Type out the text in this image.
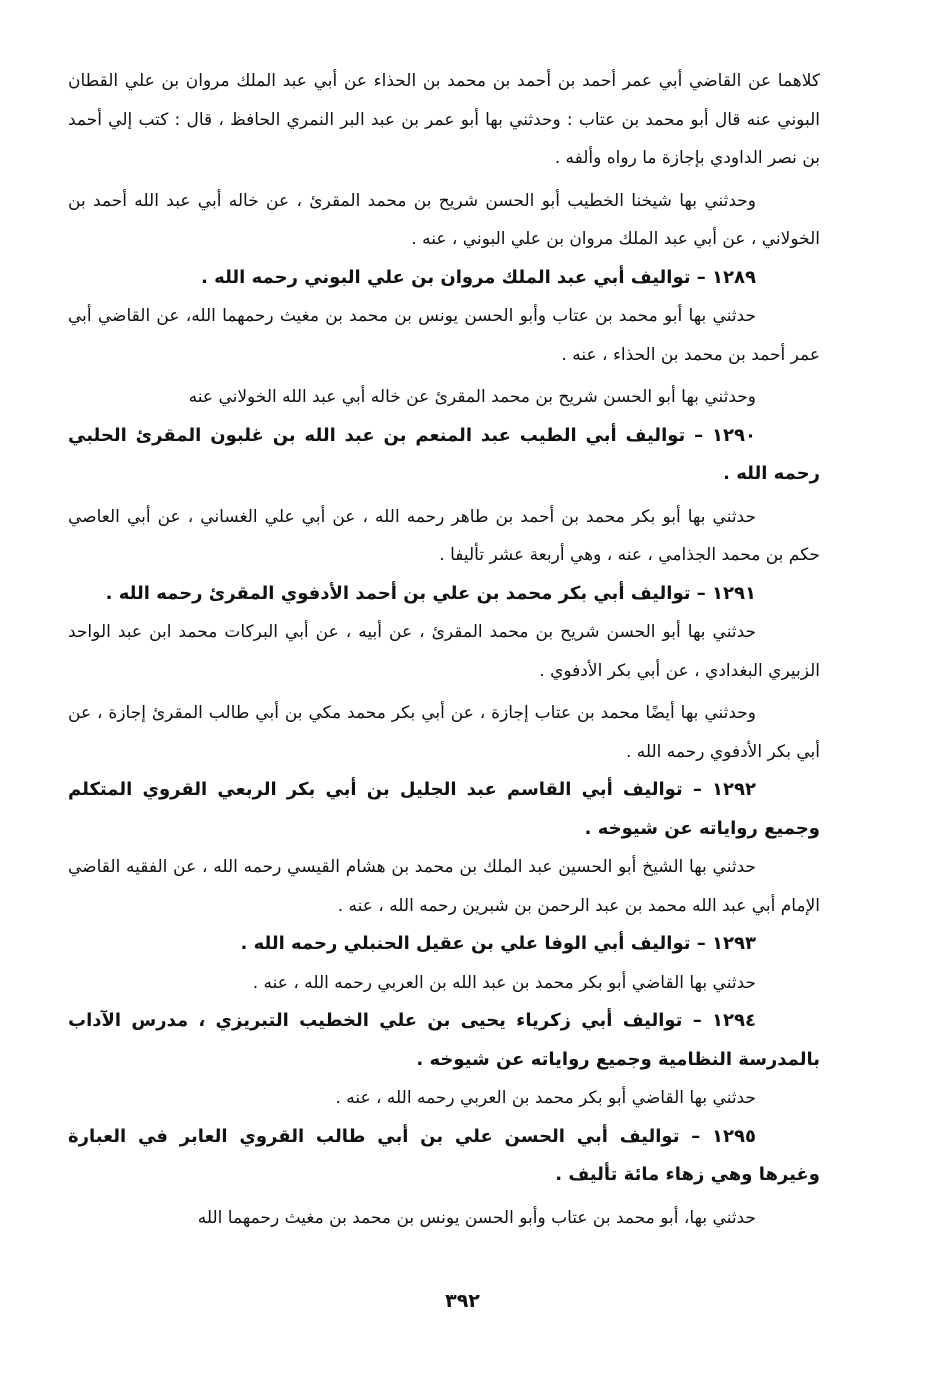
كلاهما عن القاضي أبي عمر أحمد بن أحمد بن محمد بن الحذاء عن أبي عبد الملك مروان بن علي القطان البوني عنه قال أبو محمد بن عتاب : وحدثني بها أبو عمر بن عبد البر النمري الحافظ ، قال : كتب إلي أحمد بن نصر الداودي بإجازة ما رواه وألفه .

وحدثني بها شيخنا الخطيب أبو الحسن شريح بن محمد المقرئ ، عن خاله أبي عبد الله أحمد بن الخولاني ، عن أبي عبد الملك مروان بن علي البوني ، عنه .

١٢٨٩ – تواليف أبي عبد الملك مروان بن علي البوني رحمه الله .

حدثني بها أبو محمد بن عتاب وأبو الحسن يونس بن محمد بن مغيث رحمهما الله، عن القاضي أبي عمر أحمد بن محمد بن الحذاء ، عنه .

وحدثني بها أبو الحسن شريح بن محمد المقرئ عن خاله أبي عبد الله الخولاني عنه

١٢٩٠ – تواليف أبي الطيب عبد المنعم بن عبد الله بن غلبون المقرئ الحلبي رحمه الله .

حدثني بها أبو بكر محمد بن أحمد بن طاهر رحمه الله ، عن أبي علي الغساني ، عن أبي العاصي حكم بن محمد الجذامي ، عنه ، وهي أربعة عشر تأليفا .

١٢٩١ – تواليف أبي بكر محمد بن علي بن أحمد الأدفوي المقرئ رحمه الله .

حدثني بها أبو الحسن شريح بن محمد المقرئ ، عن أبيه ، عن أبي البركات محمد ابن عبد الواحد الزبيري البغدادي ، عن أبي بكر الأدفوي .

وحدثني بها أيضًا محمد بن عتاب إجازة ، عن أبي بكر محمد مكي بن أبي طالب المقرئ إجازة ، عن أبي بكر الأدفوي رحمه الله .

١٢٩٢ – تواليف أبي القاسم عبد الجليل بن أبي بكر الربعي القروي المتكلم وجميع رواياته عن شيوخه .

حدثني بها الشيخ أبو الحسين عبد الملك بن محمد بن هشام القيسي رحمه الله ، عن الفقيه القاضي الإمام أبي عبد الله محمد بن عبد الرحمن بن شبرين رحمه الله ، عنه .

١٢٩٣ – تواليف أبي الوفا علي بن عقيل الحنبلي رحمه الله .

حدثني بها القاضي أبو بكر محمد بن عبد الله بن العربي رحمه الله ، عنه .

١٢٩٤ – تواليف أبي زكرياء يحيى بن علي الخطيب التبريزي ، مدرس الآداب بالمدرسة النظامية وجميع رواياته عن شيوخه .

حدثني بها القاضي أبو بكر محمد بن العربي رحمه الله ، عنه .

١٢٩٥ – تواليف أبي الحسن علي بن أبي طالب القروي العابر في العبارة وغيرها وهي زهاء مائة تأليف .

حدثني بها، أبو محمد بن عتاب وأبو الحسن يونس بن محمد بن مغيث رحمهما الله

٣٩٢
